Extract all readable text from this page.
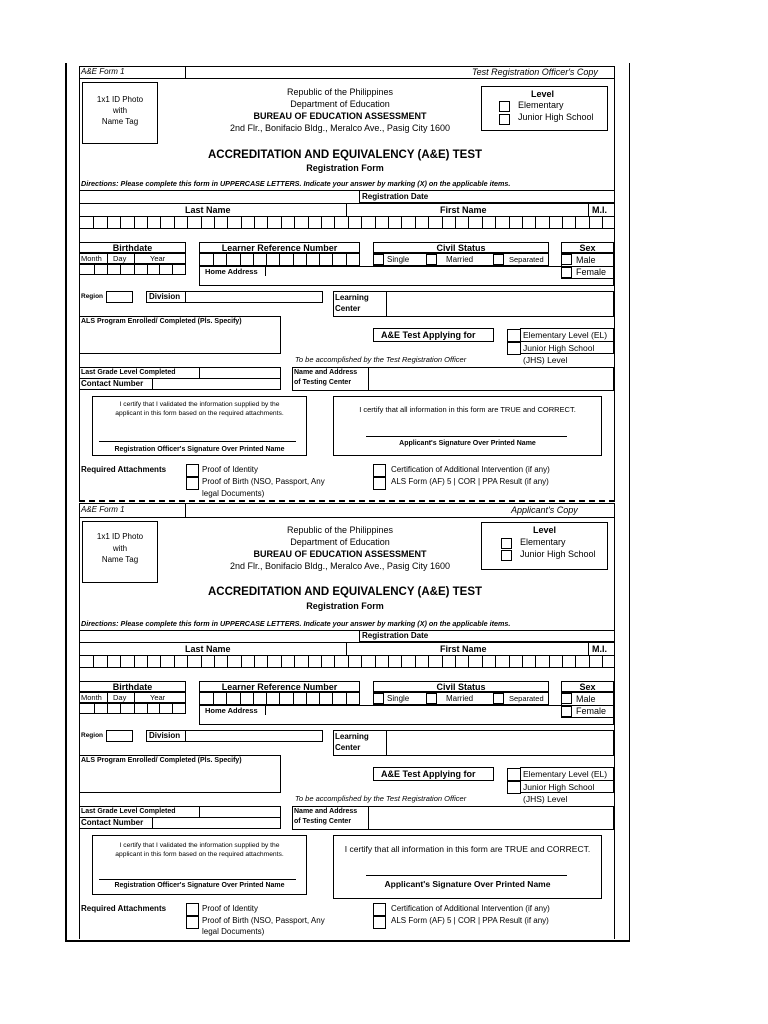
A&E Form 1	Test Registration Officer's Copy
1x1 ID Photo
with
Name Tag
Republic of the Philippines
Department of Education
BUREAU OF EDUCATION ASSESSMENT
2nd Flr., Bonifacio Bldg., Meralco Ave., Pasig City 1600
Level
Elementary
Junior High School
ACCREDITATION AND EQUIVALENCY (A&E) TEST
Registration Form
Directions: Please complete this form in UPPERCASE LETTERS. Indicate your answer by marking (X) on the applicable items.
Registration Date
Last Name	First Name	M.I.
Birthdate
Month Day	Year
Learner Reference Number
Home Address
Civil Status
Single	Married	Separated
Sex
Male
Female
Region	Division	Learning
Center
ALS Program Enrolled/ Completed (Pls. Specify)
A&E Test Applying for	Elementary Level (EL)
Junior High School
(JHS) Level
To be accomplished by the Test Registration Officer
Last Grade Level Completed
Contact Number
Name and Address
of Testing Center
I certify that I validated the information supplied by the
applicant in this form based on the required attachments.
Registration Officer's Signature Over Printed Name
I certify that all information in this form are TRUE and CORRECT.
Applicant's Signature Over Printed Name
Required Attachments	Proof of Identity
Proof of Birth (NSO, Passport, Any
legal Documents)
Certification of Additional Intervention (if any)
ALS Form (AF) 5 | COR | PPA Result (if any)
A&E Form 1	Applicant's Copy
1x1 ID Photo
with
Name Tag
Republic of the Philippines
Department of Education
BUREAU OF EDUCATION ASSESSMENT
2nd Flr., Bonifacio Bldg., Meralco Ave., Pasig City 1600
Level
Elementary
Junior High School
ACCREDITATION AND EQUIVALENCY (A&E) TEST
Registration Form
Directions: Please complete this form in UPPERCASE LETTERS. Indicate your answer by marking (X) on the applicable items.
Registration Date
Last Name	First Name	M.I.
Birthdate
Month Day	Year
Learner Reference Number
Home Address
Civil Status
Single	Married	Separated
Sex
Male
Female
Region	Division	Learning
Center
ALS Program Enrolled/ Completed (Pls. Specify)
A&E Test Applying for	Elementary Level (EL)
Junior High School
(JHS) Level
To be accomplished by the Test Registration Officer
Last Grade Level Completed
Contact Number
Name and Address
of Testing Center
I certify that I validated the information supplied by the
applicant in this form based on the required attachments.
Registration Officer's Signature Over Printed Name
I certify that all information in this form are TRUE and CORRECT.
Applicant's Signature Over Printed Name
Required Attachments	Proof of Identity
Proof of Birth (NSO, Passport, Any
legal Documents)
Certification of Additional Intervention (if any)
ALS Form (AF) 5 | COR | PPA Result (if any)
